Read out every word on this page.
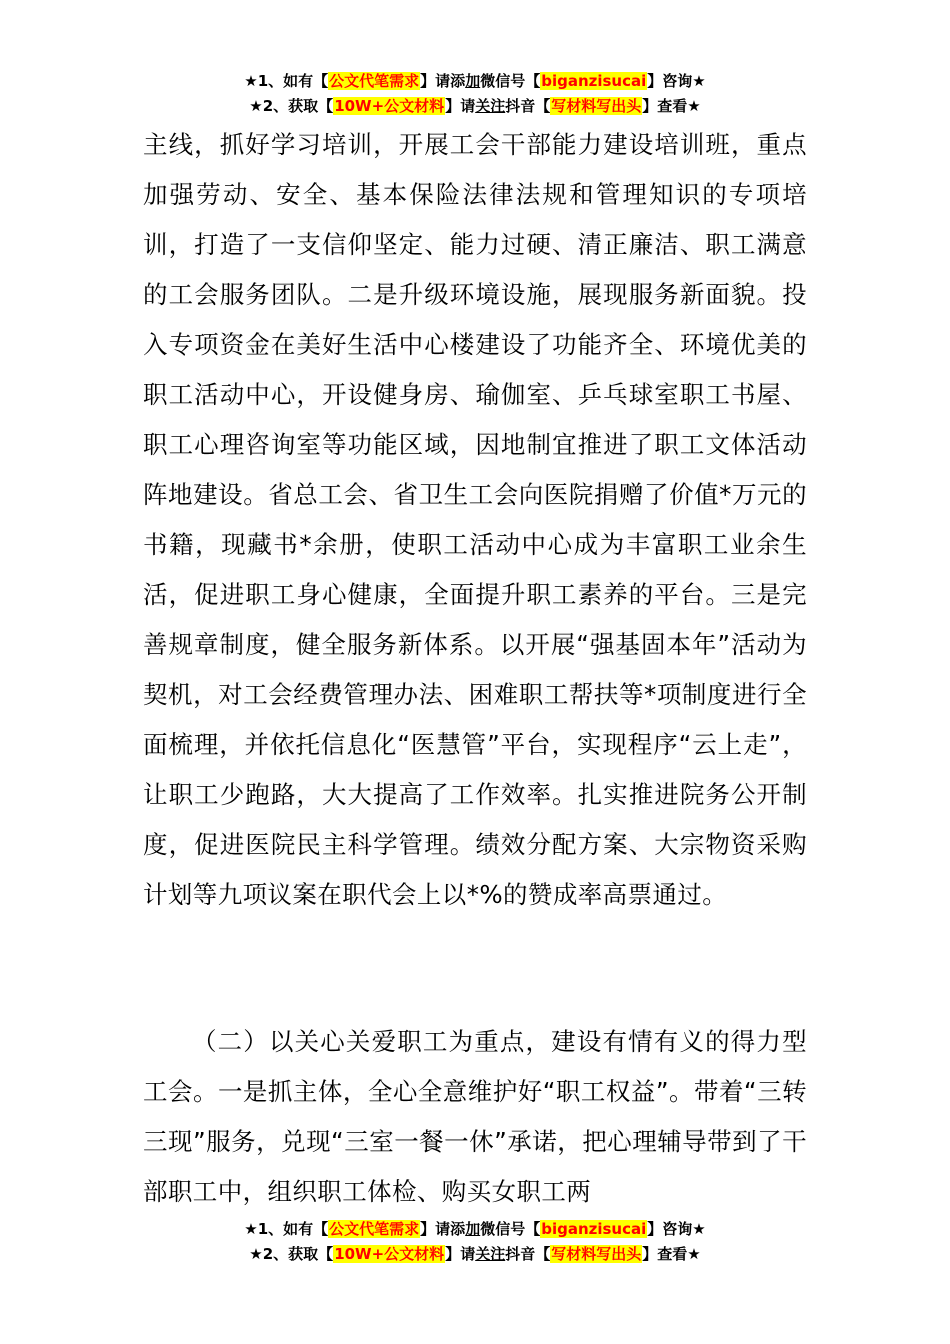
★1、如有【公文代笔需求】请添加微信号【biganzisucai】咨询★
★2、获取【10W+公文材料】请关注抖音【写材料写出头】查看★

主线，抓好学习培训，开展工会干部能力建设培训班，重点加强劳动、安全、基本保险法律法规和管理知识的专项培训，打造了一支信仰坚定、能力过硬、清正廉洁、职工满意的工会服务团队。二是升级环境设施，展现服务新面貌。投入专项资金在美好生活中心楼建设了功能齐全、环境优美的职工活动中心，开设健身房、瑜伽室、乒乓球室职工书屋、职工心理咨询室等功能区域，因地制宜推进了职工文体活动阵地建设。省总工会、省卫生工会向医院捐赠了价值*万元的书籍，现藏书*余册，使职工活动中心成为丰富职工业余生活，促进职工身心健康，全面提升职工素养的平台。三是完善规章制度，健全服务新体系。以开展“强基固本年”活动为契机，对工会经费管理办法、困难职工帮扶等*项制度进行全面梳理，并依托信息化“医慧管”平台，实现程序“云上走”，让职工少跑路，大大提高了工作效率。扎实推进院务公开制度，促进医院民主科学管理。绩效分配方案、大宗物资采购计划等九项议案在职代会上以*%的赞成率高票通过。

（二）以关心关爱职工为重点，建设有情有义的得力型工会。一是抓主体，全心全意维护好“职工权益”。带着“三转三现”服务，兑现“三室一餐一休”承诺，把心理辅导带到了干部职工中，组织职工体检、购买女职工两

★1、如有【公文代笔需求】请添加微信号【biganzisucai】咨询★
★2、获取【10W+公文材料】请关注抖音【写材料写出头】查看★
